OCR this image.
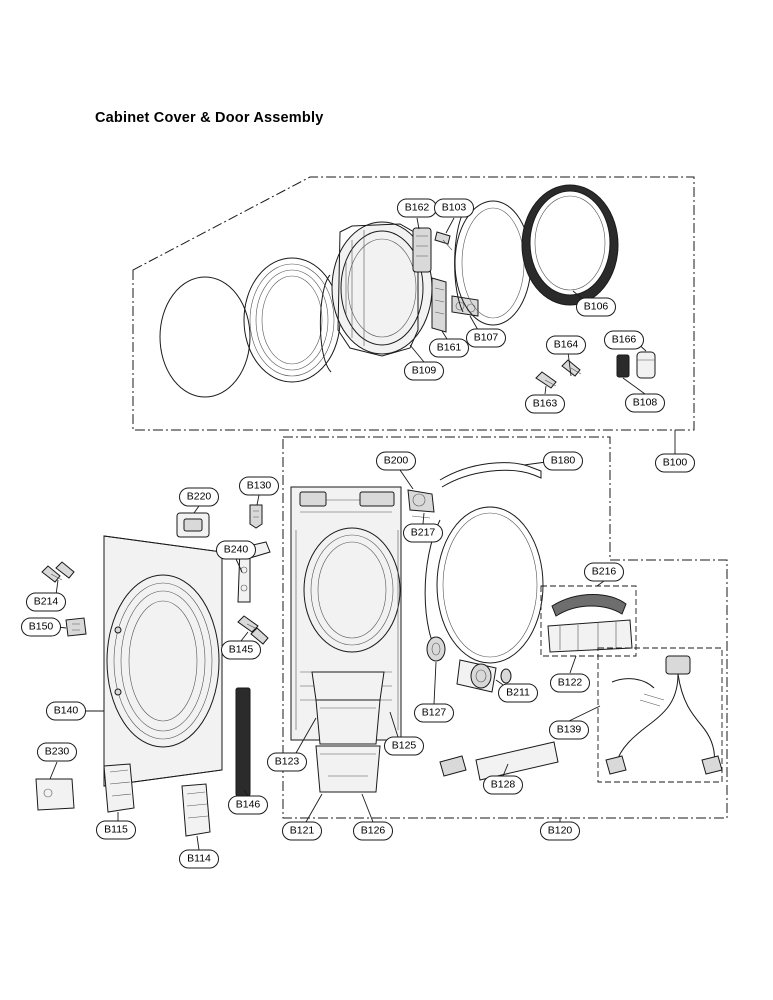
Cabinet Cover & Door Assembly
B162	B103
B106
B107
B161	B164	B166
B109
B163	B108
B100
B200	B180
B130
B220
B217
B240
B216
B214
B150
B145
B122
B211
B140	B127
B139
B125
B123
B230
B128
B146
B115	B121	B126	B120
B114
